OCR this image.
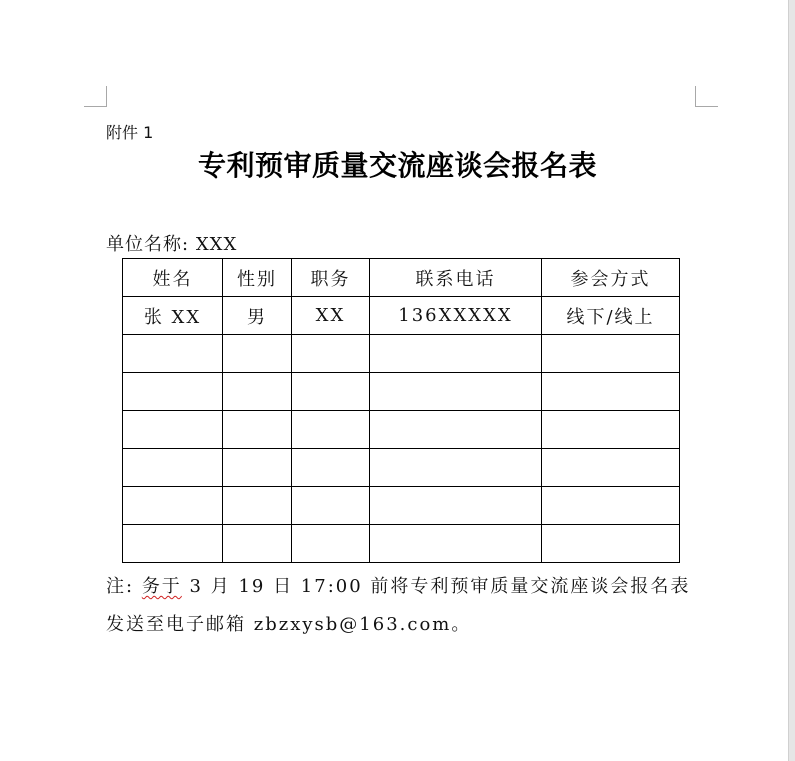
附件 1
专利预审质量交流座谈会报名表
单位名称: XXX
姓名	性别	职务	联系电话	参会方式
张 XX	男	XX	136XXXXX	线下/线上

注: 务于 3 月 19 日 17:00 前将专利预审质量交流座谈会报名表
发送至电子邮箱 zbzxysb@163.com。
